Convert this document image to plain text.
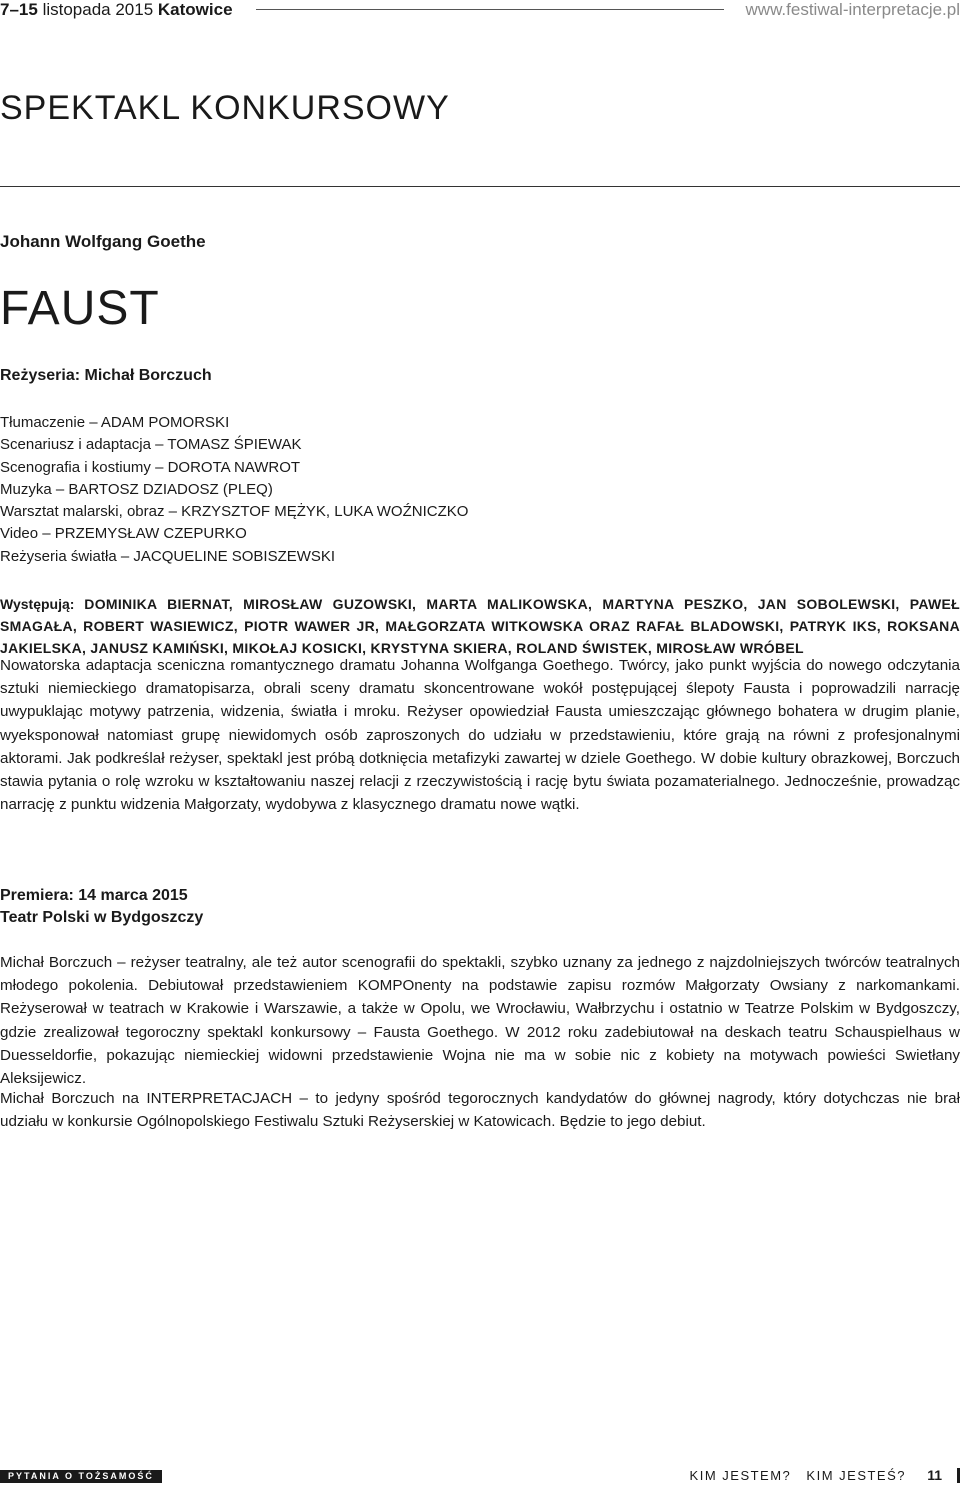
7–15 listopada 2015 Katowice	www.festiwal-interpretacje.pl
SPEKTAKL KONKURSOWY
Johann Wolfgang Goethe
FAUST
Reżyseria: Michał Borczuch
Tłumaczenie – ADAM POMORSKI
Scenariusz i adaptacja – TOMASZ ŚPIEWAK
Scenografia i kostiumy – DOROTA NAWROT
Muzyka – BARTOSZ DZIADOSZ (PLEQ)
Warsztat malarski, obraz – KRZYSZTOF MĘŻYK, LUKA WOŹNICZKO
Video – PRZEMYSŁAW CZEPURKO
Reżyseria światła – JACQUELINE SOBISZEWSKI
Występują: DOMINIKA BIERNAT, MIROSŁAW GUZOWSKI, MARTA MALIKOWSKA, MARTYNA PESZKO, JAN SOBOLEWSKI, PAWEŁ SMAGAŁA, ROBERT WASIEWICZ, PIOTR WAWER JR, MAŁGORZATA WITKOWSKA ORAZ RAFAŁ BLADOWSKI, PATRYK IKS, ROKSANA JAKIELSKA, JANUSZ KAMIŃSKI, MIKOŁAJ KOSICKI, KRYSTYNA SKIERA, ROLAND ŚWISTEK, MIROSŁAW WRÓBEL

Nowatorska adaptacja sceniczna romantycznego dramatu Johanna Wolfganga Goethego. Twórcy, jako punkt wyjścia do nowego odczytania sztuki niemieckiego dramatopisarza, obrali sceny dramatu skoncentrowane wokół postępującej ślepoty Fausta i poprowadzili narrację uwypuklając motywy patrzenia, widzenia, światła i mroku. Reżyser opowiedział Fausta umieszczając głównego bohatera w drugim planie, wyeksponował natomiast grupę niewidomych osób zaproszonych do udziału w przedstawieniu, które grają na równi z profesjonalnymi aktorami. Jak podkreślał reżyser, spektakl jest próbą dotknięcia metafizyki zawartej w dziele Goethego. W dobie kultury obrazkowej, Borczuch stawia pytania o rolę wzroku w kształtowaniu naszej relacji z rzeczywistością i rację bytu świata pozamaterialnego. Jednocześnie, prowadząc narrację z punktu widzenia Małgorzaty, wydobywa z klasycznego dramatu nowe wątki.

Premiera: 14 marca 2015
Teatr Polski w Bydgoszczy

Michał Borczuch – reżyser teatralny, ale też autor scenografii do spektakli, szybko uznany za jednego z najzdolniejszych twórców teatralnych młodego pokolenia. Debiutował przedstawieniem KOMPOnenty na podstawie zapisu rozmów Małgorzaty Owsiany z narkomankami. Reżyserował w teatrach w Krakowie i Warszawie, a także w Opolu, we Wrocławiu, Wałbrzychu i ostatnio w Teatrze Polskim w Bydgoszczy, gdzie zrealizował tegoroczny spektakl konkursowy – Fausta Goethego. W 2012 roku zadebiutował na deskach teatru Schauspielhaus w Duesseldorfie, pokazując niemieckiej widowni przedstawienie Wojna nie ma w sobie nic z kobiety na motywach powieści Swietłany Aleksijewicz.

Michał Borczuch na INTERPRETACJACH – to jedyny spośród tegorocznych kandydatów do głównej nagrody, który dotychczas nie brał udziału w konkursie Ogólnopolskiego Festiwalu Sztuki Reżyserskiej w Katowicach. Będzie to jego debiut.

PYTANIA O TOŻSAMOŚĆ	KIM JESTEM? KIM JESTEŚ? 11
